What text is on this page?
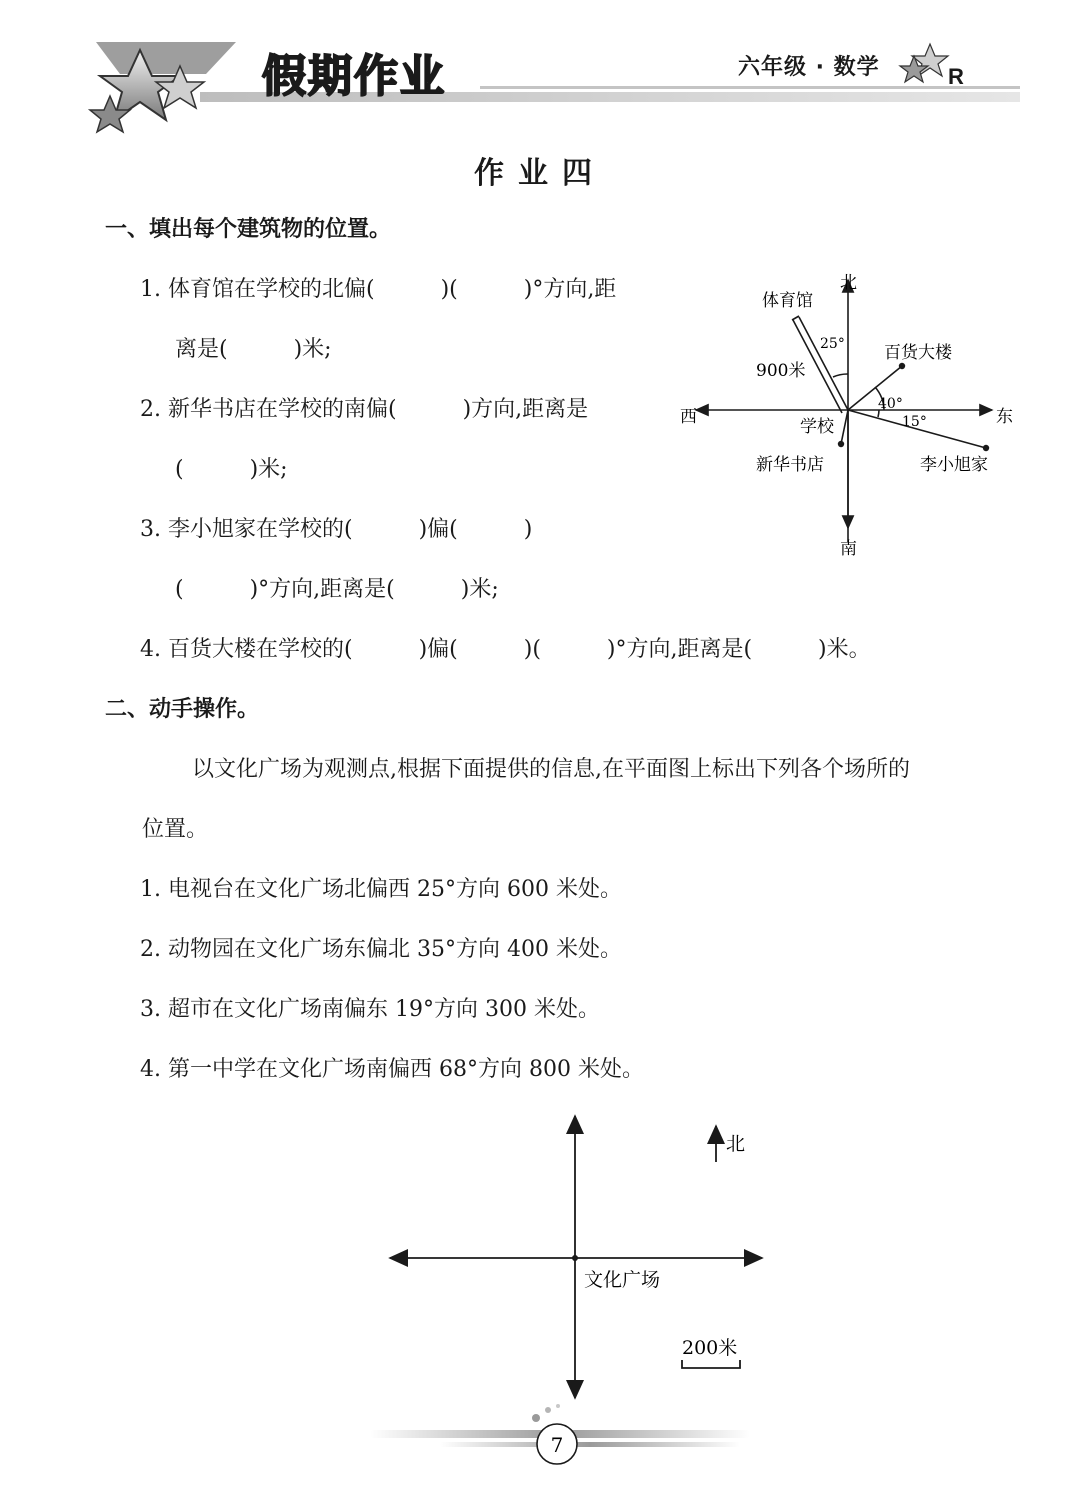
假期作业	六年级 · 数学	R
作业四
一、填出每个建筑物的位置。
1. 体育馆在学校的北偏(　　　)(　　　)°方向,距
离是(　　　)米;
2. 新华书店在学校的南偏(　　　)方向,距离是
(　　　)米;
3. 李小旭家在学校的(　　　)偏(　　　)
(　　　)°方向,距离是(　　　)米;
4. 百货大楼在学校的(　　　)偏(　　　)(　　　)°方向,距离是(　　　)米。
北
南
东
西	学校
体育馆
百货大楼
新华书店	李小旭家
900米
25°
40°
15°
二、动手操作。
以文化广场为观测点,根据下面提供的信息,在平面图上标出下列各个场所的
位置。
1. 电视台在文化广场北偏西 25°方向 600 米处。
2. 动物园在文化广场东偏北 35°方向 400 米处。
3. 超市在文化广场南偏东 19°方向 300 米处。
4. 第一中学在文化广场南偏西 68°方向 800 米处。
北
文化广场
200米
7
